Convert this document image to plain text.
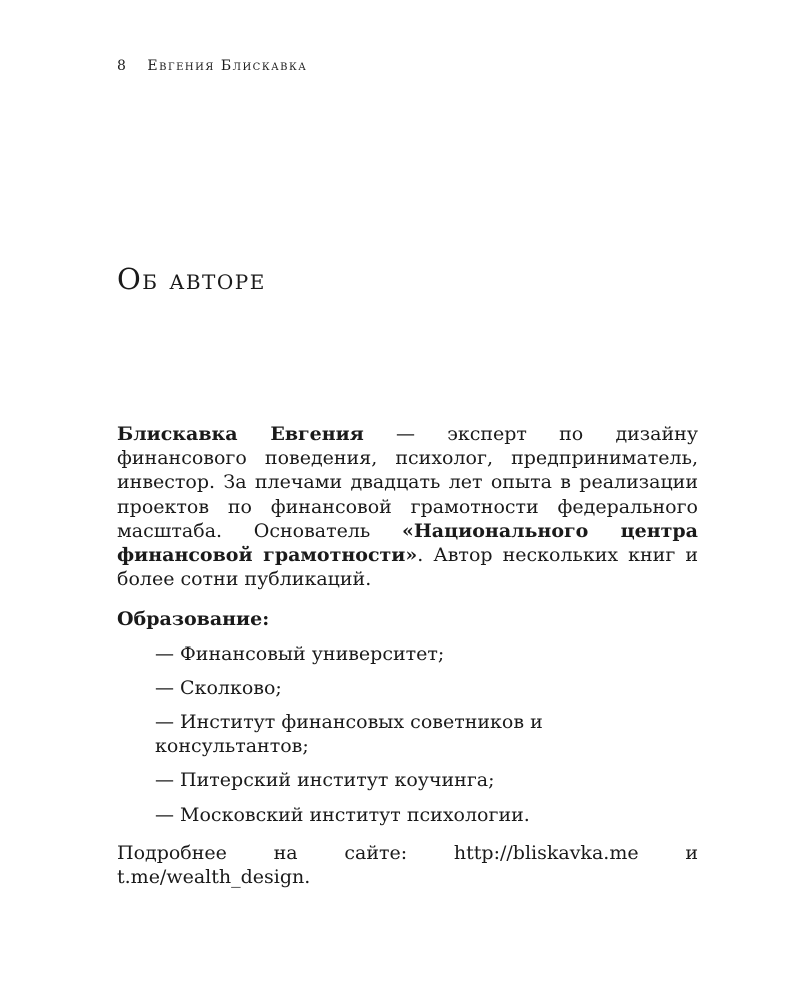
8 Евгения Блискавка
Об авторе

Блискавка Евгения — эксперт по дизайну финансового поведения, психолог, предприниматель, инвестор. За плечами двадцать лет опыта в реализации проектов по финансовой грамотности федерального масштаба. Основатель «Национального центра финансовой грамотности». Автор нескольких книг и более сотни публикаций.

Образование:

— Финансовый университет;
— Сколково;
— Институт финансовых советников и консультантов;
— Питерский институт коучинга;
— Московский институт психологии.

Подробнее на сайте: http://bliskavka.me и
t.me/wealth_design.
